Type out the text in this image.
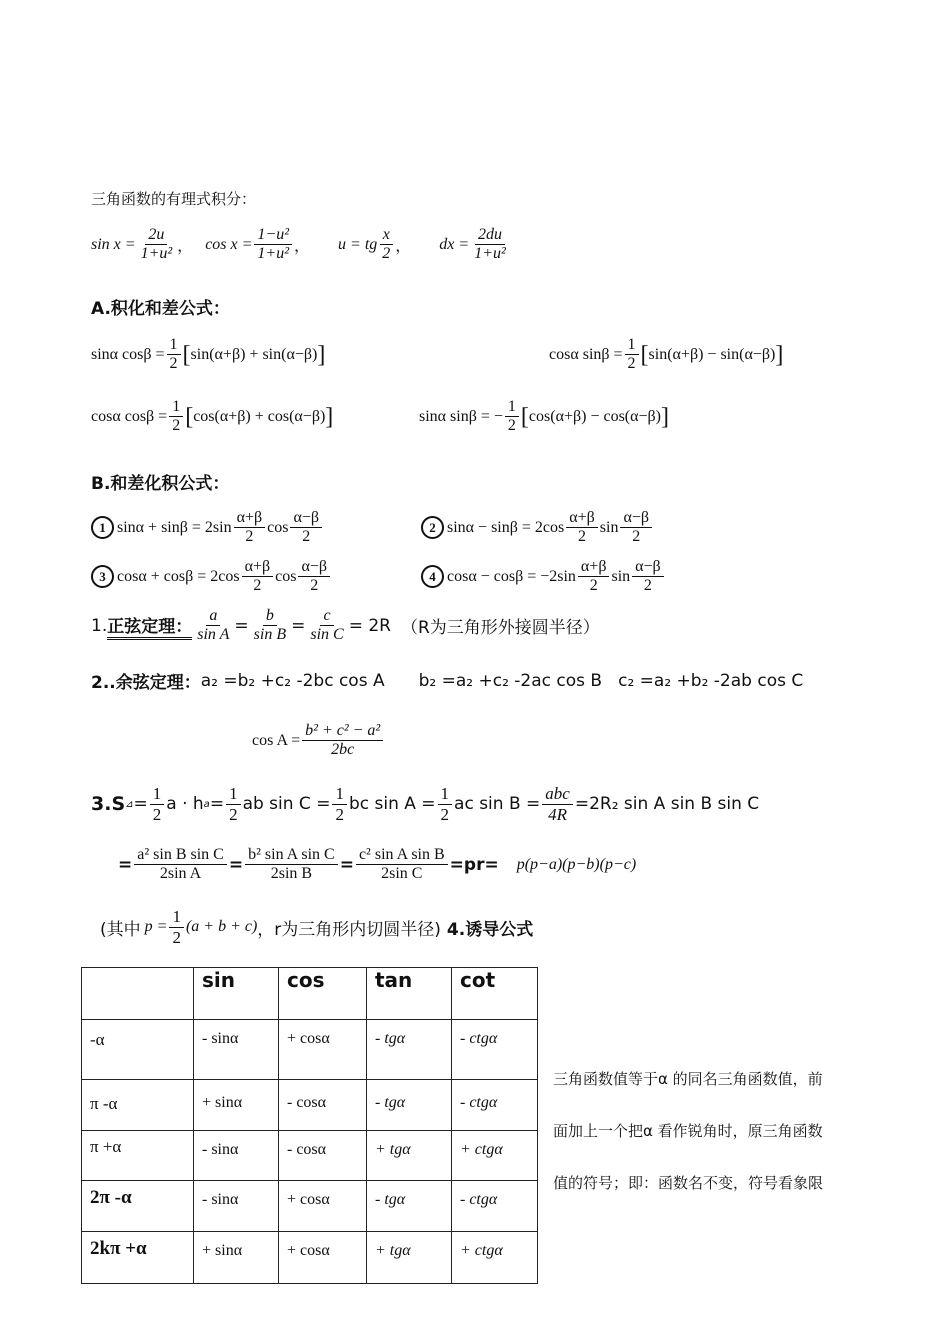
三角函数的有理式积分：
$\sin x = \frac{2u}{\text{1+u²}}$ ， $\cos x = \frac{\text{1−u²}}{\text{1+u²}}$ ， u = tg
x
2 ， dx = $\frac{2du}{\text{1+u²}}$
A.积化和差公式：
sinα $\cos\beta = \frac{1}{2}$ [ sin(α+β) + sin(α−β) ]	cosα $\sin\beta = \frac{1}{2}$ [ sin(α+β) − sin(α−β) ]
cosα $\cos\beta = \frac{1}{2}$ [ cos(α+β) + cos(α−β) ]	sinα sinβ = − $\frac{1}{2}$ [ cos(α+β) − cos(α−β) ]
B.和差化积公式：
1 sinα + sinβ = 2sin
α+β
2
cos
α−β
2
2 sinα − sinβ = 2cos
α+β
2
sin
α−β
2
3 cosα + cosβ = 2cos
α+β
2
cos
α−β
2
4 cosα − cosβ = −2sin
α+β
2
sin
α−β
2
1. 正弦定理： $\frac{a}{\text{sin A}} = \frac{b}{\text{sin B}} = \frac{c}{\text{sin C}} = 2R$ （R为三角形外接圆半径）
2..余弦定理： a₂ =b₂ +c₂ -2bc cos A b₂ =a₂ +c₂ -2ac cos B c₂ =a₂ +b₂ -2ab cos C
$\cos A = \frac{\text{b² + c² − a²}}{2bc}$
3.S ⊿ = $\frac{1}{2}$ a · h $a = \frac{1}{2}$ ab $\sin C = \frac{1}{2}$ bc $\sin A = \frac{1}{2}$ ac sin B =
abc
4R =2R₂ sin A sin B sin C
= $\frac{\text{a² sin B sin C}}{\text{2sin A}} = \frac{\text{b² sin A sin C}}{\text{2sin B}} = \frac{\text{c² sin A sin B}}{\text{2sin C}} =pr= p(p-a)(p-b)(p-c)$
(其中 $p = \frac{1}{2} (a + b + c)$ ，r为三角形内切圆半径) 4.诱导公式
	sin	cos	tan	cot
-α	- sinα	+ cosα	- tgα	- ctgα
π -α	+ sinα	- cosα	- tgα	- ctgα
π +α	- sinα	- cosα	+ tgα	+ ctgα
2π -α	- sinα	+ cosα	- tgα	- ctgα
2kπ +α	+ sinα	+ cosα	+ tgα	+ ctgα
三角函数值等于α 的同名三角函数值，前
面加上一个把α 看作锐角时，原三角函数
值的符号；即：函数名不变，符号看象限
